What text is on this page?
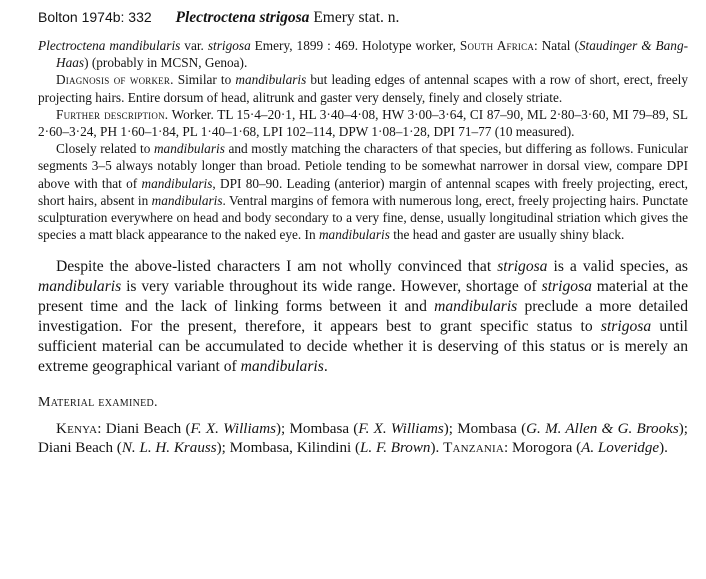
Bolton 1974b: 332 Plectroctena strigosa Emery stat. n.

Plectroctena mandibularis var. strigosa Emery, 1899 : 469. Holotype worker, South Africa: Natal (Staudinger & Bang-Haas) (probably in MCSN, Genoa).

Diagnosis of worker. Similar to mandibularis but leading edges of antennal scapes with a row of short, erect, freely projecting hairs. Entire dorsum of head, alitrunk and gaster very densely, finely and closely striate.

Further description. Worker. TL 15·4–20·1, HL 3·40–4·08, HW 3·00–3·64, CI 87–90, ML 2·80–3·60, MI 79–89, SL 2·60–3·24, PH 1·60–1·84, PL 1·40–1·68, LPI 102–114, DPW 1·08–1·28, DPI 71–77 (10 measured).

Closely related to mandibularis and mostly matching the characters of that species, but differing as follows. Funicular segments 3–5 always notably longer than broad. Petiole tending to be somewhat narrower in dorsal view, compare DPI above with that of mandibularis, DPI 80–90. Leading (anterior) margin of antennal scapes with freely projecting, erect, short hairs, absent in mandibularis. Ventral margins of femora with numerous long, erect, freely projecting hairs. Punctate sculpturation everywhere on head and body secondary to a very fine, dense, usually longitudinal striation which gives the species a matt black appearance to the naked eye. In mandibularis the head and gaster are usually shiny black.

Despite the above-listed characters I am not wholly convinced that strigosa is a valid species, as mandibularis is very variable throughout its wide range. However, shortage of strigosa material at the present time and the lack of linking forms between it and mandibularis preclude a more detailed investigation. For the present, therefore, it appears best to grant specific status to strigosa until sufficient material can be accumulated to decide whether it is deserving of this status or is merely an extreme geographical variant of mandibularis.

Material examined.

Kenya: Diani Beach (F. X. Williams); Mombasa (F. X. Williams); Mombasa (G. M. Allen & G. Brooks); Diani Beach (N. L. H. Krauss); Mombasa, Kilindini (L. F. Brown). Tanzania: Morogora (A. Loveridge).
